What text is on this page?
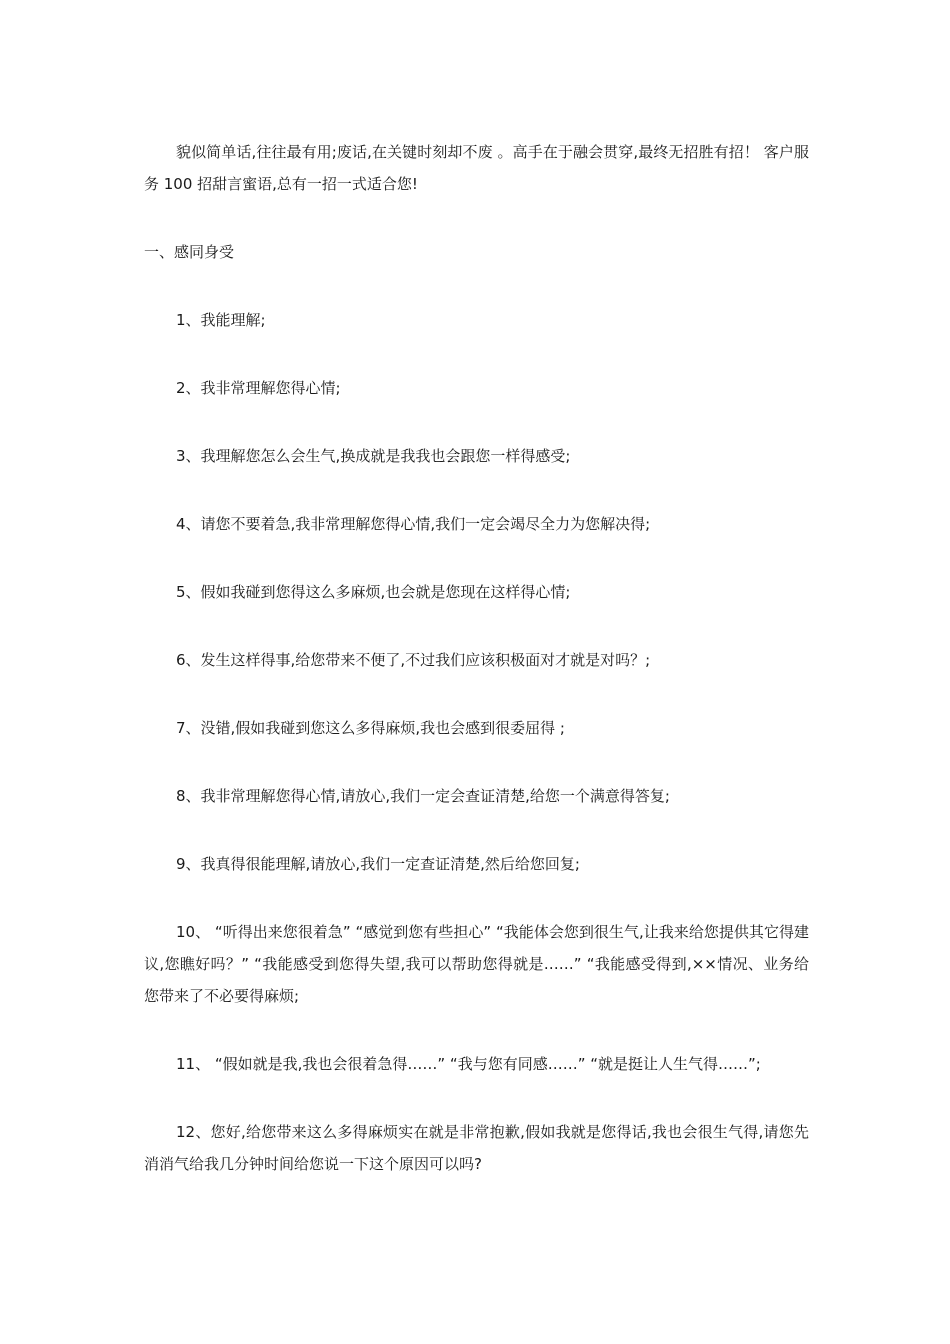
貌似简单话,往往最有用;废话,在关键时刻却不废 。高手在于融会贯穿,最终无招胜有招！ 客户服务 100 招甜言蜜语,总有一招一式适合您!

一、感同身受

1、我能理解;

2、我非常理解您得心情;

3、我理解您怎么会生气,换成就是我我也会跟您一样得感受;

4、请您不要着急,我非常理解您得心情,我们一定会竭尽全力为您解决得;

5、假如我碰到您得这么多麻烦,也会就是您现在这样得心情;

6、发生这样得事,给您带来不便了,不过我们应该积极面对才就是对吗？;

7、没错,假如我碰到您这么多得麻烦,我也会感到很委屈得 ;

8、我非常理解您得心情,请放心,我们一定会查证清楚,给您一个满意得答复;

9、我真得很能理解,请放心,我们一定查证清楚,然后给您回复;

10、 “听得出来您很着急” “感觉到您有些担心” “我能体会您到很生气,让我来给您提供其它得建议,您瞧好吗？” “我能感受到您得失望,我可以帮助您得就是……” “我能感受得到,××情况、业务给您带来了不必要得麻烦;

11、 “假如就是我,我也会很着急得……” “我与您有同感……” “就是挺让人生气得……”;

12、您好,给您带来这么多得麻烦实在就是非常抱歉,假如我就是您得话,我也会很生气得,请您先消消气给我几分钟时间给您说一下这个原因可以吗?
